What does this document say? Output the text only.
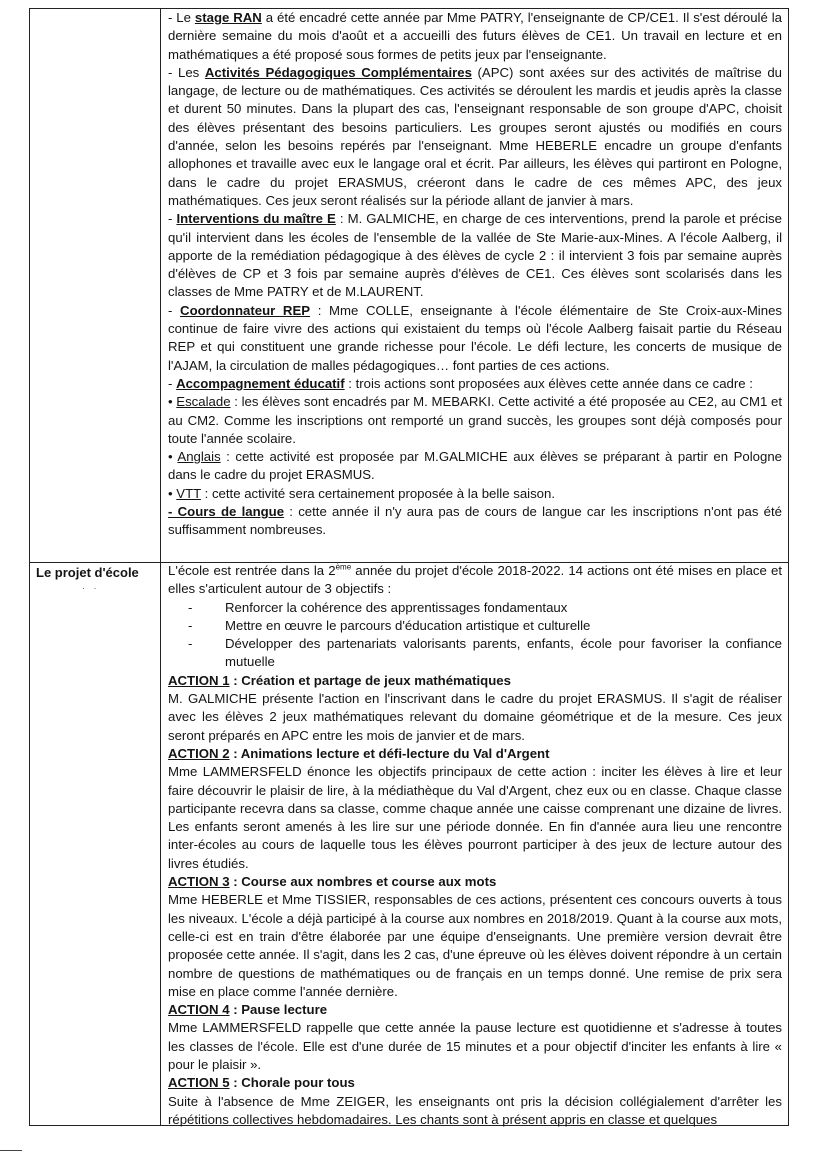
Le projet d'école
· ·

- Le stage RAN a été encadré cette année par Mme PATRY, l'enseignante de CP/CE1. Il s'est déroulé la dernière semaine du mois d'août et a accueilli des futurs élèves de CE1. Un travail en lecture et en mathématiques a été proposé sous formes de petits jeux par l'enseignante.

- Les Activités Pédagogiques Complémentaires (APC) sont axées sur des activités de maîtrise du langage, de lecture ou de mathématiques. Ces activités se déroulent les mardis et jeudis après la classe et durent 50 minutes. Dans la plupart des cas, l'enseignant responsable de son groupe d'APC, choisit des élèves présentant des besoins particuliers. Les groupes seront ajustés ou modifiés en cours d'année, selon les besoins repérés par l'enseignant. Mme HEBERLE encadre un groupe d'enfants allophones et travaille avec eux le langage oral et écrit. Par ailleurs, les élèves qui partiront en Pologne, dans le cadre du projet ERASMUS, créeront dans le cadre de ces mêmes APC, des jeux mathématiques. Ces jeux seront réalisés sur la période allant de janvier à mars.

- Interventions du maître E : M. GALMICHE, en charge de ces interventions, prend la parole et précise qu'il intervient dans les écoles de l'ensemble de la vallée de Ste Marie-aux-Mines. A l'école Aalberg, il apporte de la remédiation pédagogique à des élèves de cycle 2 : il intervient 3 fois par semaine auprès d'élèves de CP et 3 fois par semaine auprès d'élèves de CE1. Ces élèves sont scolarisés dans les classes de Mme PATRY et de M.LAURENT.

- Coordonnateur REP : Mme COLLE, enseignante à l'école élémentaire de Ste Croix-aux-Mines continue de faire vivre des actions qui existaient du temps où l'école Aalberg faisait partie du Réseau REP et qui constituent une grande richesse pour l'école. Le défi lecture, les concerts de musique de l'AJAM, la circulation de malles pédagogiques… font parties de ces actions.

- Accompagnement éducatif : trois actions sont proposées aux élèves cette année dans ce cadre :

• Escalade : les élèves sont encadrés par M. MEBARKI. Cette activité a été proposée au CE2, au CM1 et au CM2. Comme les inscriptions ont remporté un grand succès, les groupes sont déjà composés pour toute l'année scolaire.

• Anglais : cette activité est proposée par M.GALMICHE aux élèves se préparant à partir en Pologne dans le cadre du projet ERASMUS.

• VTT : cette activité sera certainement proposée à la belle saison.

- Cours de langue : cette année il n'y aura pas de cours de langue car les inscriptions n'ont pas été suffisamment nombreuses.

L'école est rentrée dans la 2ème année du projet d'école 2018-2022. 14 actions ont été mises en place et elles s'articulent autour de 3 objectifs :

- Renforcer la cohérence des apprentissages fondamentaux
- Mettre en œuvre le parcours d'éducation artistique et culturelle
- Développer des partenariats valorisants parents, enfants, école pour favoriser la confiance mutuelle

ACTION 1 : Création et partage de jeux mathématiques

M. GALMICHE présente l'action en l'inscrivant dans le cadre du projet ERASMUS. Il s'agit de réaliser avec les élèves 2 jeux mathématiques relevant du domaine géométrique et de la mesure. Ces jeux seront préparés en APC entre les mois de janvier et de mars.

ACTION 2 : Animations lecture et défi-lecture du Val d'Argent

Mme LAMMERSFELD énonce les objectifs principaux de cette action : inciter les élèves à lire et leur faire découvrir le plaisir de lire, à la médiathèque du Val d'Argent, chez eux ou en classe. Chaque classe participante recevra dans sa classe, comme chaque année une caisse comprenant une dizaine de livres. Les enfants seront amenés à les lire sur une période donnée. En fin d'année aura lieu une rencontre inter-écoles au cours de laquelle tous les élèves pourront participer à des jeux de lecture autour des livres étudiés.

ACTION 3 : Course aux nombres et course aux mots

Mme HEBERLE et Mme TISSIER, responsables de ces actions, présentent ces concours ouverts à tous les niveaux. L'école a déjà participé à la course aux nombres en 2018/2019. Quant à la course aux mots, celle-ci est en train d'être élaborée par une équipe d'enseignants. Une première version devrait être proposée cette année. Il s'agit, dans les 2 cas, d'une épreuve où les élèves doivent répondre à un certain nombre de questions de mathématiques ou de français en un temps donné. Une remise de prix sera mise en place comme l'année dernière.

ACTION 4 : Pause lecture

Mme LAMMERSFELD rappelle que cette année la pause lecture est quotidienne et s'adresse à toutes les classes de l'école. Elle est d'une durée de 15 minutes et a pour objectif d'inciter les enfants à lire « pour le plaisir ».

ACTION 5 : Chorale pour tous

Suite à l'absence de Mme ZEIGER, les enseignants ont pris la décision collégialement d'arrêter les répétitions collectives hebdomadaires. Les chants sont à présent appris en classe et quelques
